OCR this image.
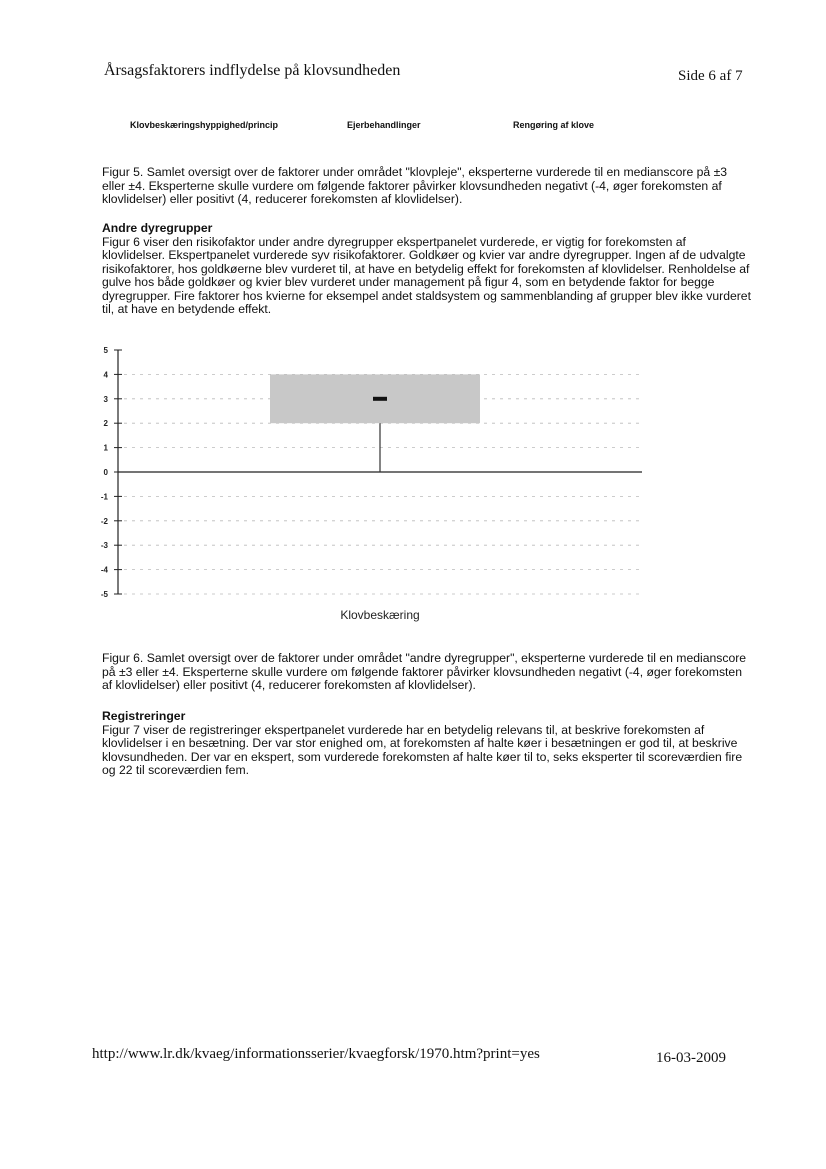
Årsagsfaktorers indflydelse på klovsundheden	Side 6 af 7
Klovbeskæringshyppighed/princip	Ejerbehandlinger	Rengøring af klove
Figur 5. Samlet oversigt over de faktorer under området "klovpleje", eksperterne vurderede til en medianscore på ±3 eller ±4. Eksperterne skulle vurdere om følgende faktorer påvirker klovsundheden negativt (-4, øger forekomsten af klovlidelser) eller positivt (4, reducerer forekomsten af klovlidelser).
Andre dyregrupper
Figur 6 viser den risikofaktor under andre dyregrupper ekspertpanelet vurderede, er vigtig for forekomsten af klovlidelser. Ekspertpanelet vurderede syv risikofaktorer. Goldkøer og kvier var andre dyregrupper. Ingen af de udvalgte risikofaktorer, hos goldkøerne blev vurderet til, at have en betydelig effekt for forekomsten af klovlidelser. Renholdelse af gulve hos både goldkøer og kvier blev vurderet under management på figur 4, som en betydende faktor for begge dyregrupper. Fire faktorer hos kvierne for eksempel andet staldsystem og sammenblanding af grupper blev ikke vurderet til, at have en betydende effekt.
5
4
3
2
1
0
-1
-2
-3
-4
-5
Klovbeskæring
Figur 6. Samlet oversigt over de faktorer under området "andre dyregrupper", eksperterne vurderede til en medianscore på ±3 eller ±4. Eksperterne skulle vurdere om følgende faktorer påvirker klovsundheden negativt (-4, øger forekomsten af klovlidelser) eller positivt (4, reducerer forekomsten af klovlidelser).
Registreringer
Figur 7 viser de registreringer ekspertpanelet vurderede har en betydelig relevans til, at beskrive forekomsten af klovlidelser i en besætning. Der var stor enighed om, at forekomsten af halte køer i besætningen er god til, at beskrive klovsundheden. Der var en ekspert, som vurderede forekomsten af halte køer til to, seks eksperter til scoreværdien fire og 22 til scoreværdien fem.
http://www.lr.dk/kvaeg/informationsserier/kvaegforsk/1970.htm?print=yes	16-03-2009
